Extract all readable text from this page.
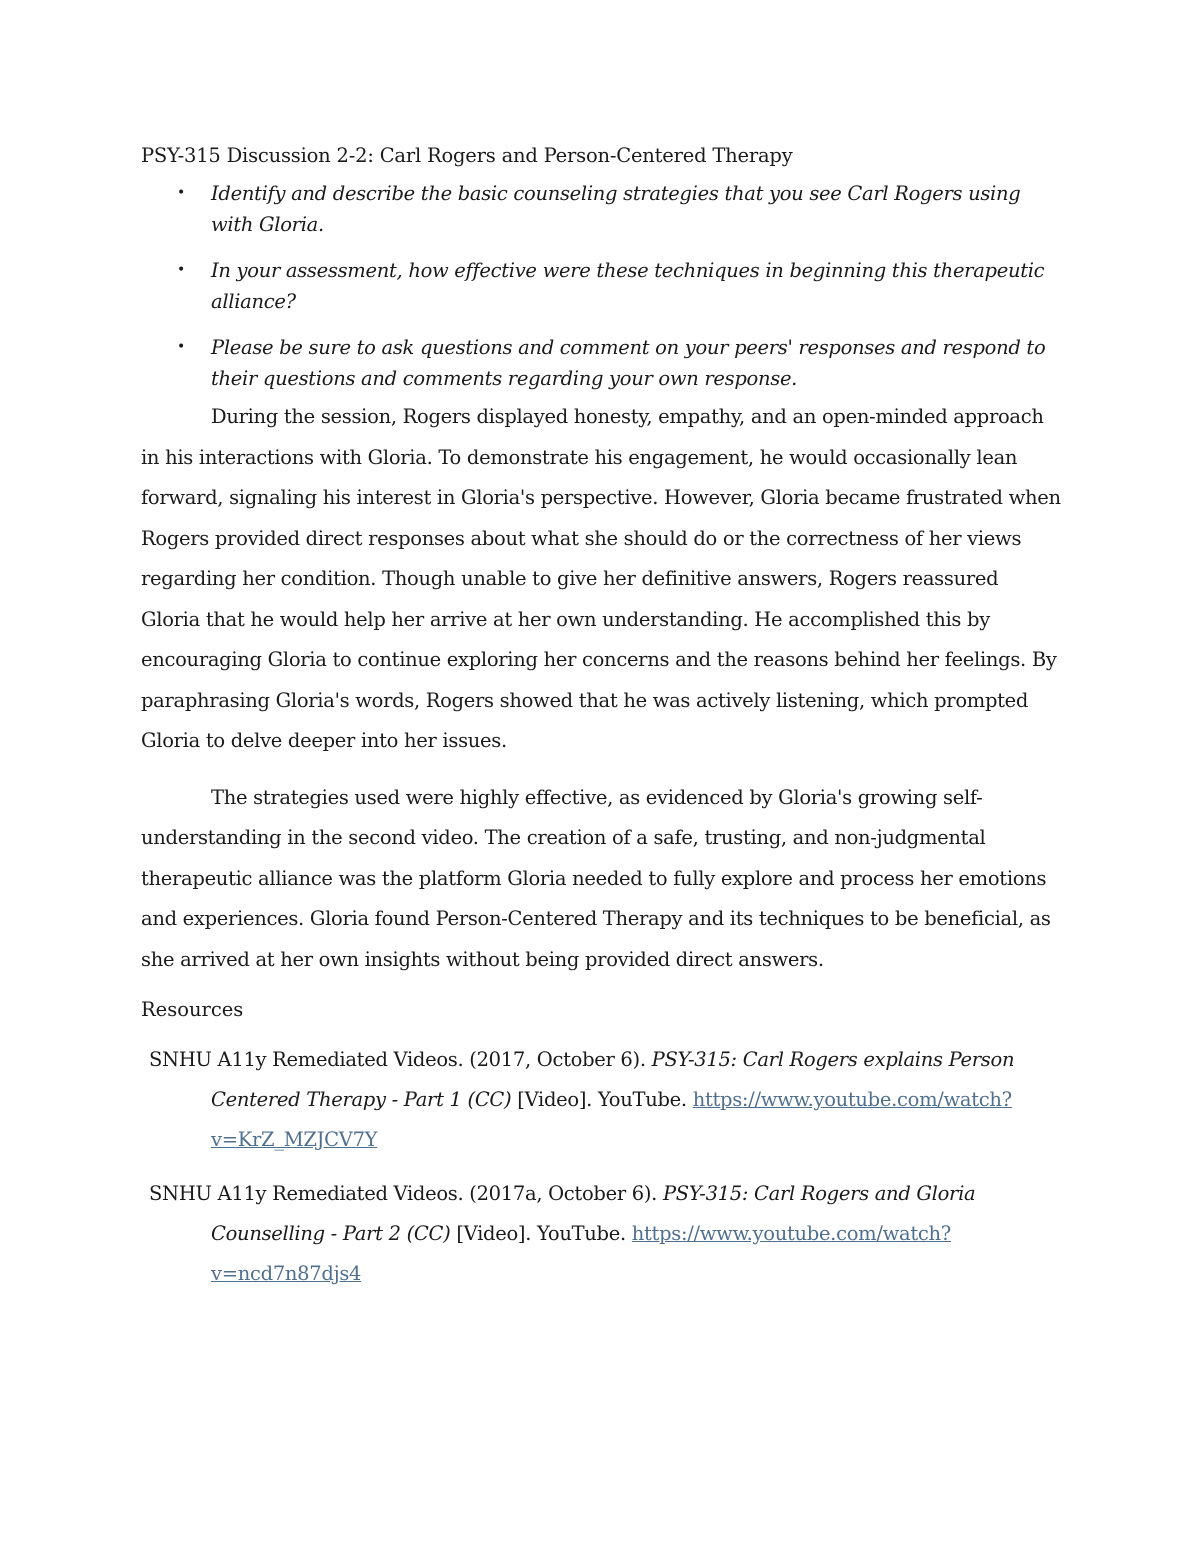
PSY-315 Discussion 2-2: Carl Rogers and Person-Centered Therapy

• Identify and describe the basic counseling strategies that you see Carl Rogers using with Gloria.
• In your assessment, how effective were these techniques in beginning this therapeutic alliance?
• Please be sure to ask questions and comment on your peers' responses and respond to their questions and comments regarding your own response.

During the session, Rogers displayed honesty, empathy, and an open-minded approach in his interactions with Gloria. To demonstrate his engagement, he would occasionally lean forward, signaling his interest in Gloria's perspective. However, Gloria became frustrated when Rogers provided direct responses about what she should do or the correctness of her views regarding her condition. Though unable to give her definitive answers, Rogers reassured Gloria that he would help her arrive at her own understanding. He accomplished this by encouraging Gloria to continue exploring her concerns and the reasons behind her feelings. By paraphrasing Gloria's words, Rogers showed that he was actively listening, which prompted Gloria to delve deeper into her issues.

The strategies used were highly effective, as evidenced by Gloria's growing self-understanding in the second video. The creation of a safe, trusting, and non-judgmental therapeutic alliance was the platform Gloria needed to fully explore and process her emotions and experiences. Gloria found Person-Centered Therapy and its techniques to be beneficial, as she arrived at her own insights without being provided direct answers.

Resources

SNHU A11y Remediated Videos. (2017, October 6). PSY-315: Carl Rogers explains Person Centered Therapy - Part 1 (CC) [Video]. YouTube. https://www.youtube.com/watch?v=KrZ_MZJCV7Y

SNHU A11y Remediated Videos. (2017a, October 6). PSY-315: Carl Rogers and Gloria Counselling - Part 2 (CC) [Video]. YouTube. https://www.youtube.com/watch?v=ncd7n87djs4
